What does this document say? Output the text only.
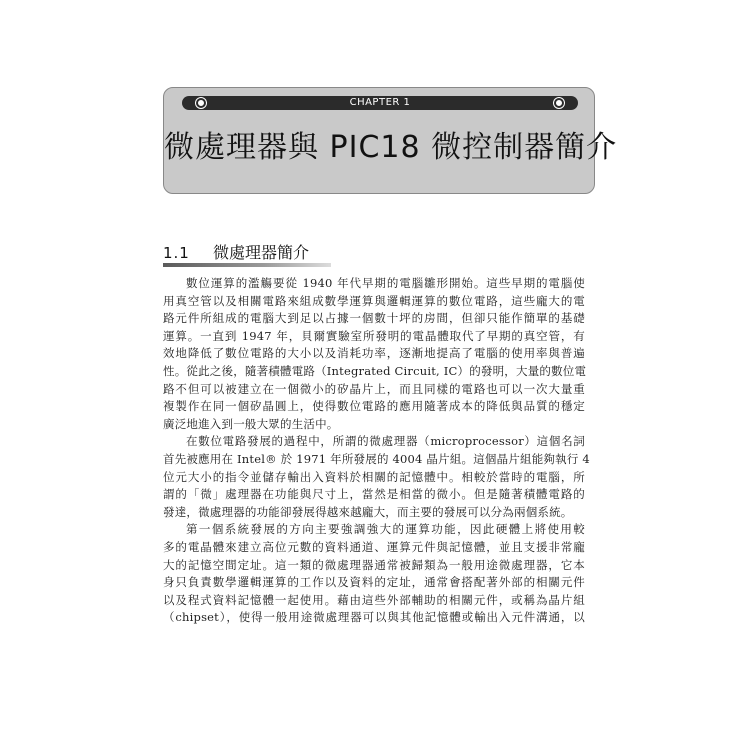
CHAPTER 1
微處理器與 PIC18 微控制器簡介
1.1 微處理器簡介
數位運算的濫觴要從 1940 年代早期的電腦雛形開始。這些早期的電腦使
用真空管以及相關電路來組成數學運算與邏輯運算的數位電路，這些龐大的電
路元件所組成的電腦大到足以占據一個數十坪的房間，但卻只能作簡單的基礎
運算。一直到 1947 年，貝爾實驗室所發明的電晶體取代了早期的真空管，有
效地降低了數位電路的大小以及消耗功率，逐漸地提高了電腦的使用率與普遍
性。從此之後，隨著積體電路（Integrated Circuit, IC）的發明，大量的數位電
路不但可以被建立在一個微小的矽晶片上，而且同樣的電路也可以一次大量重
複製作在同一個矽晶圓上，使得數位電路的應用隨著成本的降低與品質的穩定
廣泛地進入到一般大眾的生活中。
在數位電路發展的過程中，所謂的微處理器（microprocessor）這個名詞
首先被應用在 Intel® 於 1971 年所發展的 4004 晶片組。這個晶片組能夠執行 4
位元大小的指令並儲存輸出入資料於相關的記憶體中。相較於當時的電腦，所
謂的「微」處理器在功能與尺寸上，當然是相當的微小。但是隨著積體電路的
發達，微處理器的功能卻發展得越來越龐大，而主要的發展可以分為兩個系統。
第一個系統發展的方向主要強調強大的運算功能，因此硬體上將使用較
多的電晶體來建立高位元數的資料通道、運算元件與記憶體，並且支援非常龐
大的記憶空間定址。這一類的微處理器通常被歸類為一般用途微處理器，它本
身只負責數學邏輯運算的工作以及資料的定址，通常會搭配著外部的相關元件
以及程式資料記憶體一起使用。藉由這些外部輔助的相關元件，或稱為晶片組
（chipset），使得一般用途微處理器可以與其他記憶體或輸出入元件溝通，以
